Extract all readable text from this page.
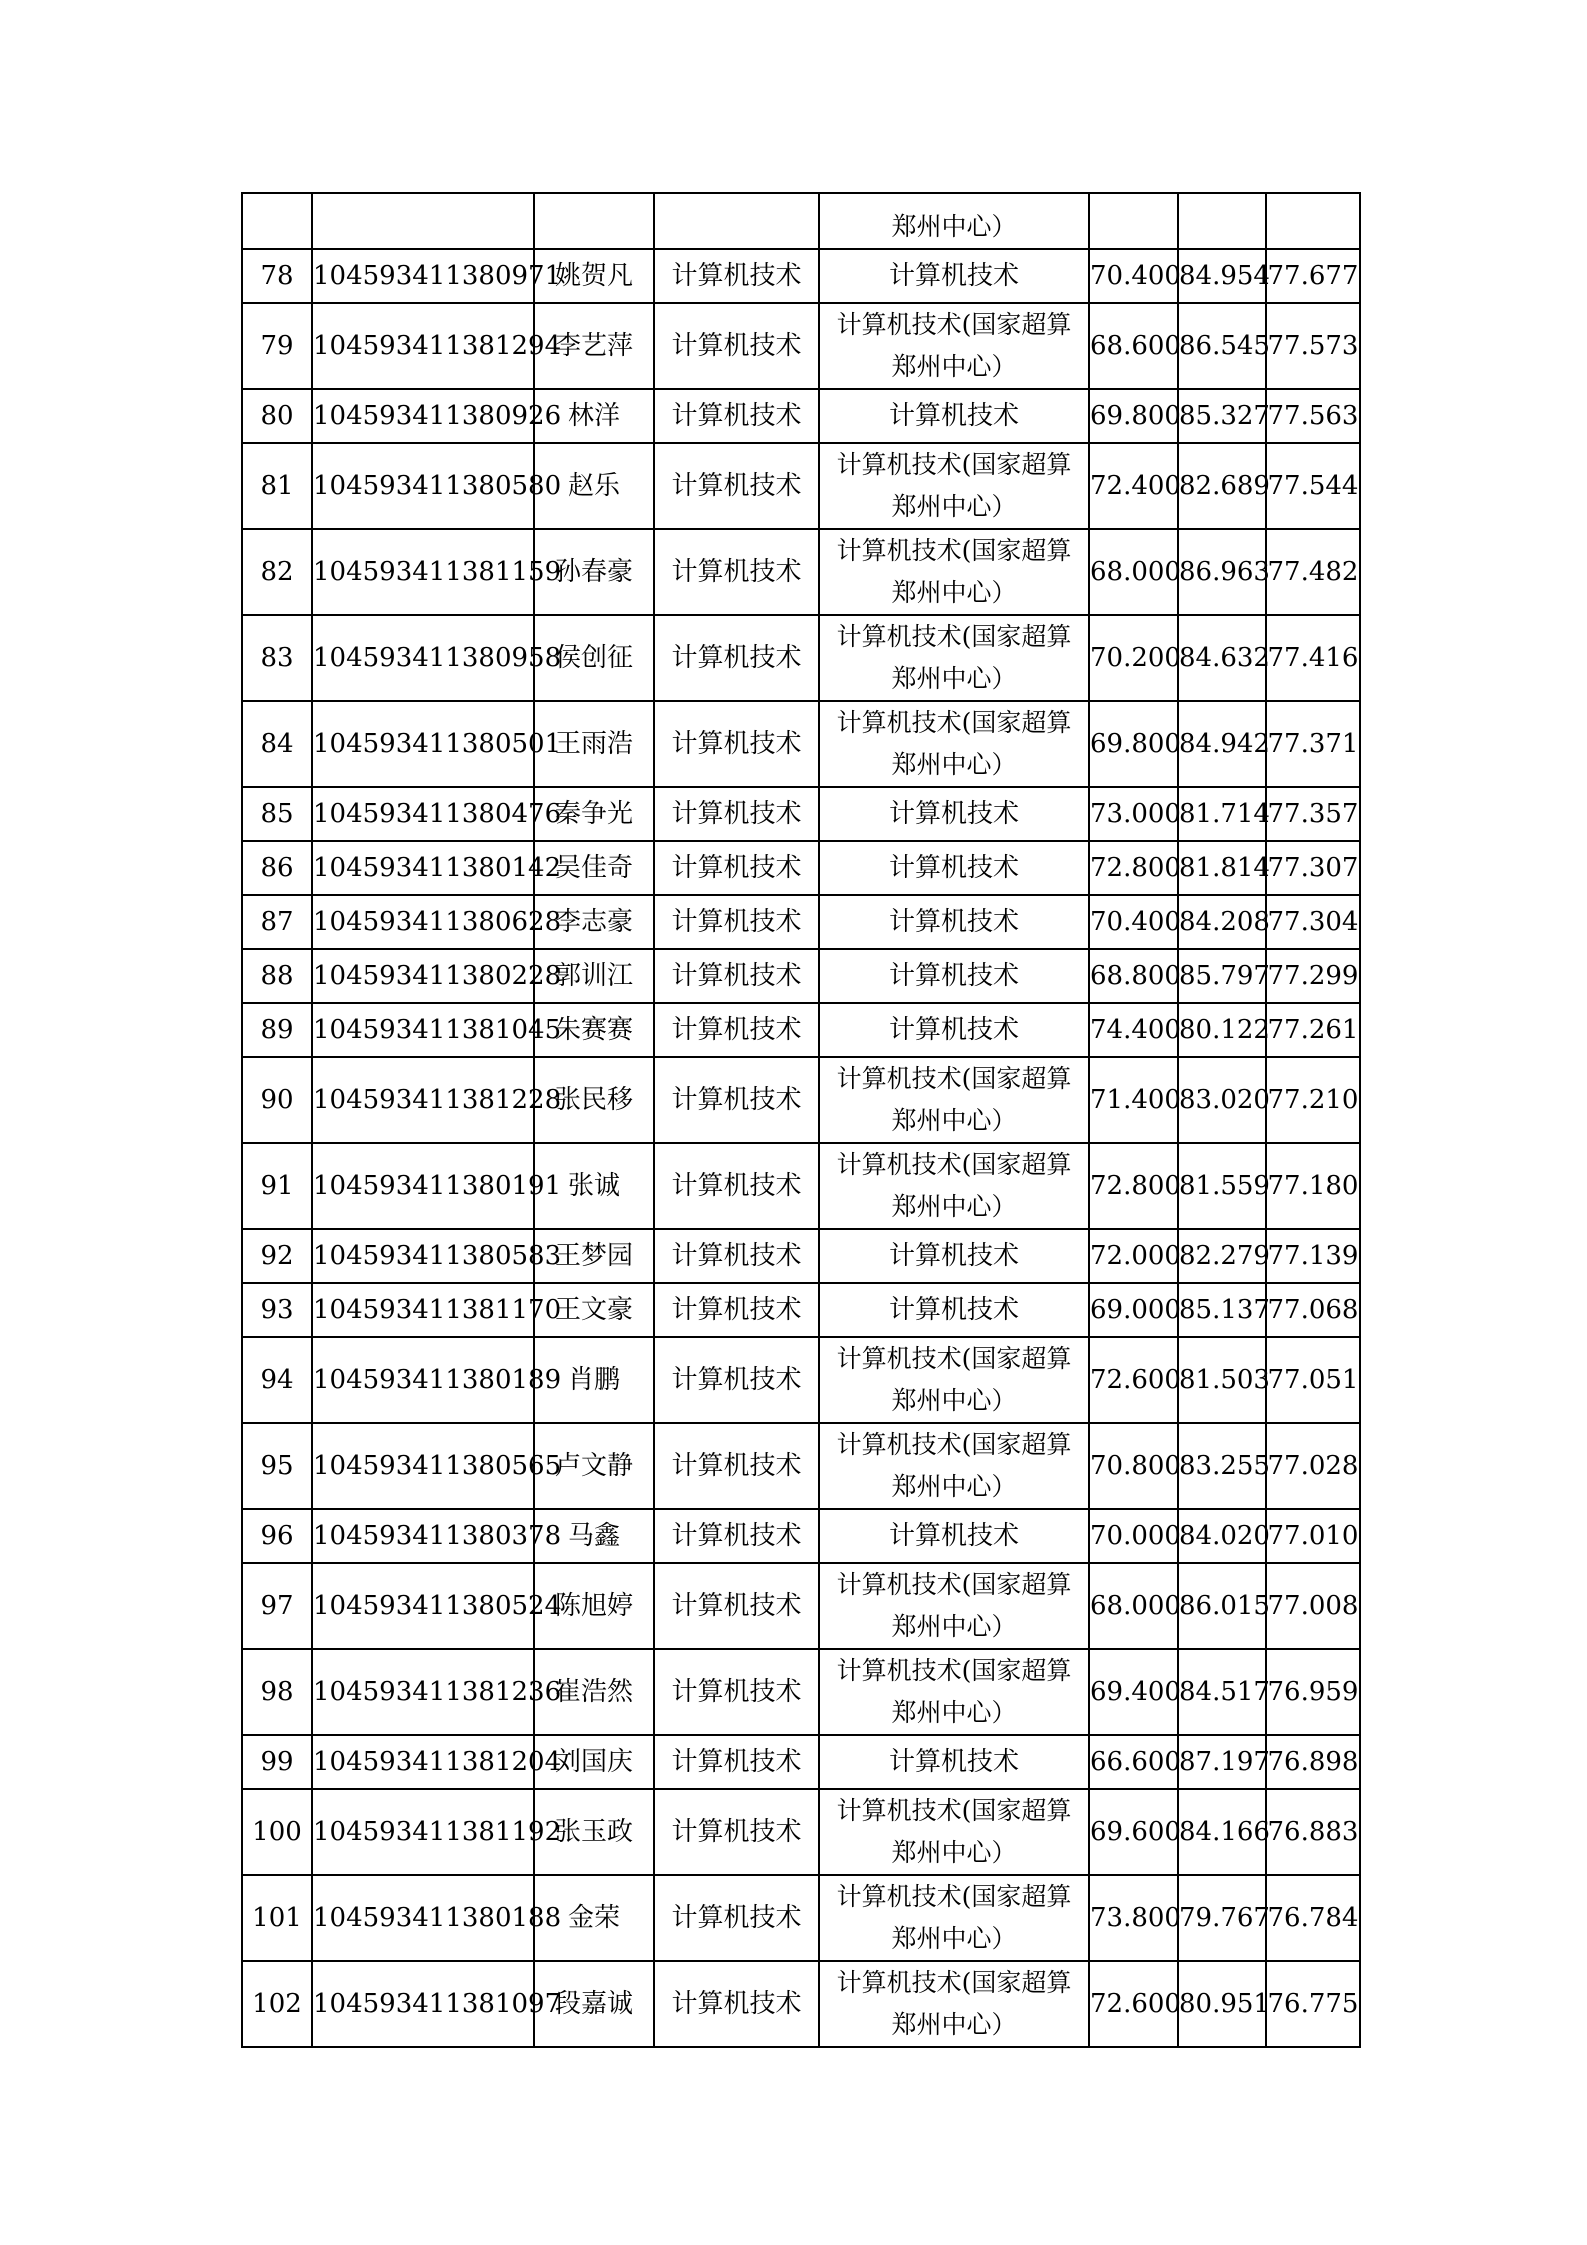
				郑州中心）			

78	104593411380971	姚贺凡	计算机技术	计算机技术	70.400	84.954	77.677
79	104593411381294	李艺萍	计算机技术	计算机技术(国家超算
郑州中心）	68.600	86.545	77.573
80	104593411380926	林洋	计算机技术	计算机技术	69.800	85.327	77.563
81	104593411380580	赵乐	计算机技术	计算机技术(国家超算
郑州中心）	72.400	82.689	77.544
82	104593411381159	孙春豪	计算机技术	计算机技术(国家超算
郑州中心）	68.000	86.963	77.482
83	104593411380958	侯创征	计算机技术	计算机技术(国家超算
郑州中心）	70.200	84.632	77.416
84	104593411380501	王雨浩	计算机技术	计算机技术(国家超算
郑州中心）	69.800	84.942	77.371
85	104593411380476	秦争光	计算机技术	计算机技术	73.000	81.714	77.357
86	104593411380142	吴佳奇	计算机技术	计算机技术	72.800	81.814	77.307
87	104593411380628	李志豪	计算机技术	计算机技术	70.400	84.208	77.304
88	104593411380228	郭训江	计算机技术	计算机技术	68.800	85.797	77.299
89	104593411381045	朱赛赛	计算机技术	计算机技术	74.400	80.122	77.261
90	104593411381228	张民移	计算机技术	计算机技术(国家超算
郑州中心）	71.400	83.020	77.210
91	104593411380191	张诚	计算机技术	计算机技术(国家超算
郑州中心）	72.800	81.559	77.180
92	104593411380583	王梦园	计算机技术	计算机技术	72.000	82.279	77.139
93	104593411381170	王文豪	计算机技术	计算机技术	69.000	85.137	77.068
94	104593411380189	肖鹏	计算机技术	计算机技术(国家超算
郑州中心）	72.600	81.503	77.051
95	104593411380565	卢文静	计算机技术	计算机技术(国家超算
郑州中心）	70.800	83.255	77.028
96	104593411380378	马鑫	计算机技术	计算机技术	70.000	84.020	77.010
97	104593411380524	陈旭婷	计算机技术	计算机技术(国家超算
郑州中心）	68.000	86.015	77.008
98	104593411381236	崔浩然	计算机技术	计算机技术(国家超算
郑州中心）	69.400	84.517	76.959
99	104593411381204	刘国庆	计算机技术	计算机技术	66.600	87.197	76.898
100	104593411381192	张玉政	计算机技术	计算机技术(国家超算
郑州中心）	69.600	84.166	76.883
101	104593411380188	金荣	计算机技术	计算机技术(国家超算
郑州中心）	73.800	79.767	76.784
102	104593411381097	段嘉诚	计算机技术	计算机技术(国家超算
郑州中心）	72.600	80.951	76.775
